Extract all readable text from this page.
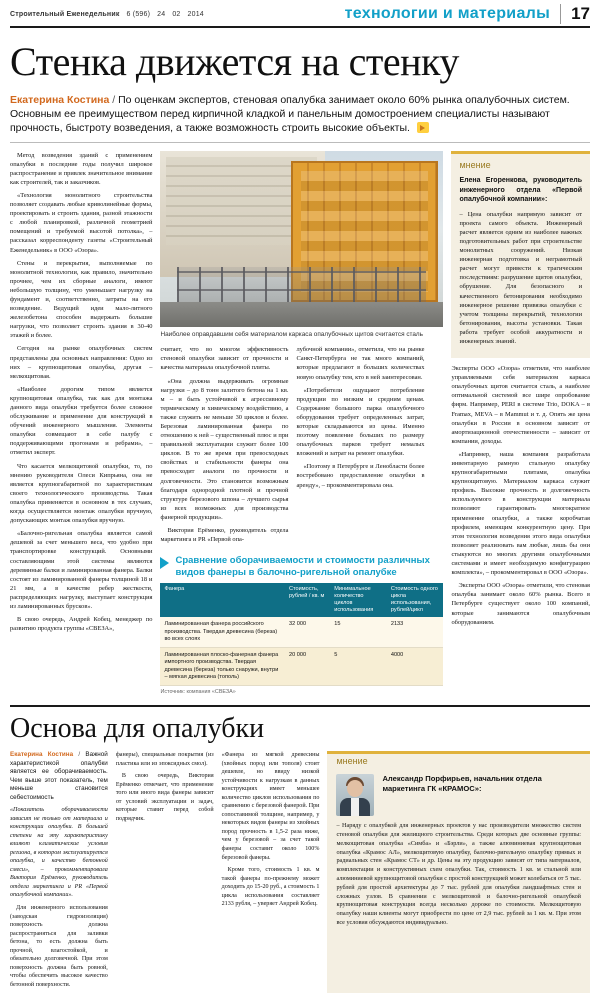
Строительный Еженедельник 6 (596) 24 02 2014	технологии и материалы	17
Стенка движется на стенку
Екатерина Костина / По оценкам экспертов, стеновая опалубка занимает около 60% рынка опалубочных систем. Основным ее преимуществом перед кирпичной кладкой и панельным домостроением специалисты называют прочность, быстроту возведения, а также возможность строить высокие объекты.

Метод возведения зданий с применением опалубки в последние годы получил широкое распространение и привлек значительное внимание как строителей, так и заказчиков.

«Технология монолитного строительства позволяет создавать любые криволинейные формы, проектировать и строить здания, разной этажности с любой планировкой, различной геометрией помещений и требуемой высотой потолка», – рассказал корреспонденту газеты «Строительный Еженедельник» в ООО «Озора».

Стены и перекрытия, выполняемые по монолитной технологии, как правило, значительно прочнее, чем их сборные аналоги, имеют небольшую толщину, что уменьшает нагрузку на фундамент и, соответственно, затраты на его возведение. Ведущий идеи мало-литного железобетона способен выдержать большие нагрузки, что позволяет строить здания в 30-40 этажей и более.

Сегодня на рынке опалубочных систем представлены два основных направления: Одно из них – крупнощитовая опалубка, другая – мелкощитовая.

«Наиболее дорогим типом является крупнощитовая опалубка, так как для монтажа данного вида опалубки требуется более сложное обслуживание и применение для конструкций в обучений инженерного мышления. Элементы опалубки совмещают в себе палубу с поддерживающими прогонами и ребрами», – отметил эксперт.

Что касается мелкощитовой опалубки, то, по мнению руководителя Олеси Кипрьяна, она не является крупногабаритной по характеристикам своего технологического производства. Такая опалубка применяется в основном в тех случаях, когда осуществляется монтаж опалубки вручную, допускающих монтаж опалубки вручную.

«Балочно-ригельная опалубка является самой дешевой за счет меньшего веса, что удобно при транспортировке конструкций. Основными составляющими этой системы являются деревянные балки и ламинированная фанера. Балки состоят из ламинированной фанеры толщиной 18 и 21 мм, а в качестве ребер жесткости, распределяющих нагрузку, выступает конструкция из ламинированных брусков».

В свою очередь, Андрей Кобец, менеджер по развитию продукта группы «СВЕЗА»,

Наиболее оправдавшим себя материалом каркаса опалубочных щитов считается сталь

считает, что во многом эффективность стеновой опалубки зависит от прочности и качества материала опалубочной плиты.

«Она должна выдерживать огромные нагрузки – до 8 тонн залитого бетона на 1 кв. м – и быть устойчивой к агрессивному термическому и химическому воздействию, а также служить не меньше 30 циклов и более. Березовая ламинированная фанера по отношению к ней – существенный плюс и при правильной эксплуатации служит более 100 циклов. В то же время при превосходных свойствах и стабильности фанеры она превосходит аналоги по прочности и долговечности. Это становится возможным благодаря однородной плотной и прочной структуре березового шпона – лучшего сырья из всех возможных для производства фанерной продукции».

Виктория Ерёменко, руководитель отдела маркетинга и PR «Первой опа-

лубочной компании», отметила, что на рынке Санкт-Петербурга не так много компаний, которые предлагают в больших количествах новую опалубку тем, кто в ней заинтересован.

«Потребители ощущают потребление продукции по низким и средним ценам. Содержание большого парка опалубочного оборудования требует определенных затрат, которые складываются из цены. Именно поэтому появление больших по размеру опалубочных парков требует немалых вложений и затрат на ремонт опалубки.

«Поэтому в Петербурге и Ленобласти более востребовано предоставление опалубки в аренду», – прокомментировала она.

Сравнение оборачиваемости и стоимости различных видов фанеры в балочно-ригельной опалубке
Фанера	Стоимость, рублей / кв. м	Минимальное количество циклов использования	Стоимость одного цикла использования, рублей/цикл
Ламинированная фанера российского производства. Твердая древесина (береза) во всех слоях	32 000	15	2133
Ламинированная плоско-фанерная фанера импортного производства. Твердая древесина (береза) только снаружи, внутри – мягкая древесина (тополь)	20 000	5	4000
Источник: компания «СВЕЗА»
мнение
Елена Егоренкова, руководитель инженерного отдела «Первой опалубочной компании»:

– Цена опалубки напрямую зависит от проекта самого объекта. Инженерный расчет является одним из наиболее важных подготовительных работ при строительстве монолитных сооружений. Низкая инженерная подготовка и неграмотный расчет могут привести к трагическим последствиям: разрушение щитов опалубки, обрушение. Для безопасного и качественного бетонирования необходимо инженерное решение привязка опалубки с учетом толщины перекрытий, технологии бетонирования, высоты установки. Такая работа требует особой аккуратности и инженерных знаний.

Эксперты ООО «Озора» отметили, что наиболее управляемыми себя материалом каркаса опалубочных щитов считается сталь, а наиболее оптимальной системой все шире опробование фирм. Например, PERI в системе Trio, DOKA – в Framax, MEVA – в Mammut и т. д. Опять же цена опалубки в России в основном зависит от амортизационной отечественности – зависит от компании, доходы.

«Например, наша компания разработала инвентарную рамную стальную опалубку крупногабаритными плитами, опалубка крупнощитовую. Материалом каркаса служит профиль. Высокие прочность и долговечность используемого в конструкции материала позволяют гарантировать многократное применение опалубки, а также коробчатая профилем, имеющим конкурентную цену. При этом технология возведения этого вида опалубки позволяет реализовать вам любые, лишь бы они стыкуются во многих другими опалубочными системами и имеет необходимую конфигурацию комплекта», – прокомментировал в ООО «Озора».

Эксперты ООО «Озора» отметили, что стеновая опалубка занимает около 60% рынка. Всего в Петербурге существует около 100 компаний, которые занимаются опалубочным оборудованием.

Основа для опалубки
Екатерина Костина / Важной характеристикой опалубки является ее оборачиваемость. Чем выше этот показатель, тем меньше становится себестоимость

«Показатель оборачиваемости зависит не только от материала и конструкции опалубки. В большей степени на эту характеристику влияют климатические условия региона, в котором эксплуатируется опалубка, и качество бетонной смеси», – прокомментировала Виктория Ерёменко, руководитель отдела маркетинга и PR «Первой опалубочной компании».

Для инженерного использования (заводская гидроизоляция) поверхность должна распространяться для заливки бетона, то есть должна быть прочной, влагостойкой, и обязательно долговечной. При этом поверхность должна быть ровной, чтобы обеспечить высокое качество бетонной поверхности.

фанеры), специальные покрытия (из пластика или из эпоксидных смол).

В свою очередь, Виктория Ерёменко отмечает, что применение того или иного вида фанеры зависит от условий эксплуатации и задач, которые ставит перед собой подрядчик.

«Фанера из мягкой древесины (хвойных пород или тополя) стоит дешевле, но ввиду низкой устойчивости к нагрузкам в данных конструкциях имеет меньшее количество циклов использования по сравнению с березовой фанерой. При сопоставимой толщине, например, у некоторых видов фанеры из хвойных пород прочность в 1,5-2 раза ниже, чем у березовой – за счет такой фанеры составит около 100% березовой фанеры.

Кроме того, стоимость 1 кв. м такой фанеры по-прежнему может доходить до 15-20 руб., а стоимость 1 цикла использования составляет 2133 рубля, – уверяет Андрей Кобец.

мнение
Александр Порфирьев, начальник отдела маркетинга ГК «КРАМОС»:

– Наряду с опалубкой для инженерных проектов у нас производители множество систем стеновой опалубки для жилищного строительства. Среди которых две основные группы: мелкощитовая опалубка «Симба» и «Бэрли», а также алюминиевая крупнощитовая опалубка «Крамос АЛ», мелкощитовую опалубку, балочно-ригельную опалубку прямых и радиальных стен «Крамос СТ» и др. Цены на эту продукцию зависят от типа материалов, комплектации и конструктивных схем опалубки. Так, стоимость 1 кв. м стальной или алюминиевой крупнощитовой опалубки с простой конструкцией может колебаться от 5 тыс. рублей для простой архитектуры до 7 тыс. рублей для опалубки ландшафтных стен и сложных узлов. В сравнении с мелкощитовой и балочно-ригельной опалубкой крупнощитовая конструкция всегда несколько дороже по стоимости. Мелкощитовую опалубку наши клиенты могут приобрести по цене от 2,9 тыс. рублей за 1 кв. м. При этом все условия обсуждаются индивидуально.
